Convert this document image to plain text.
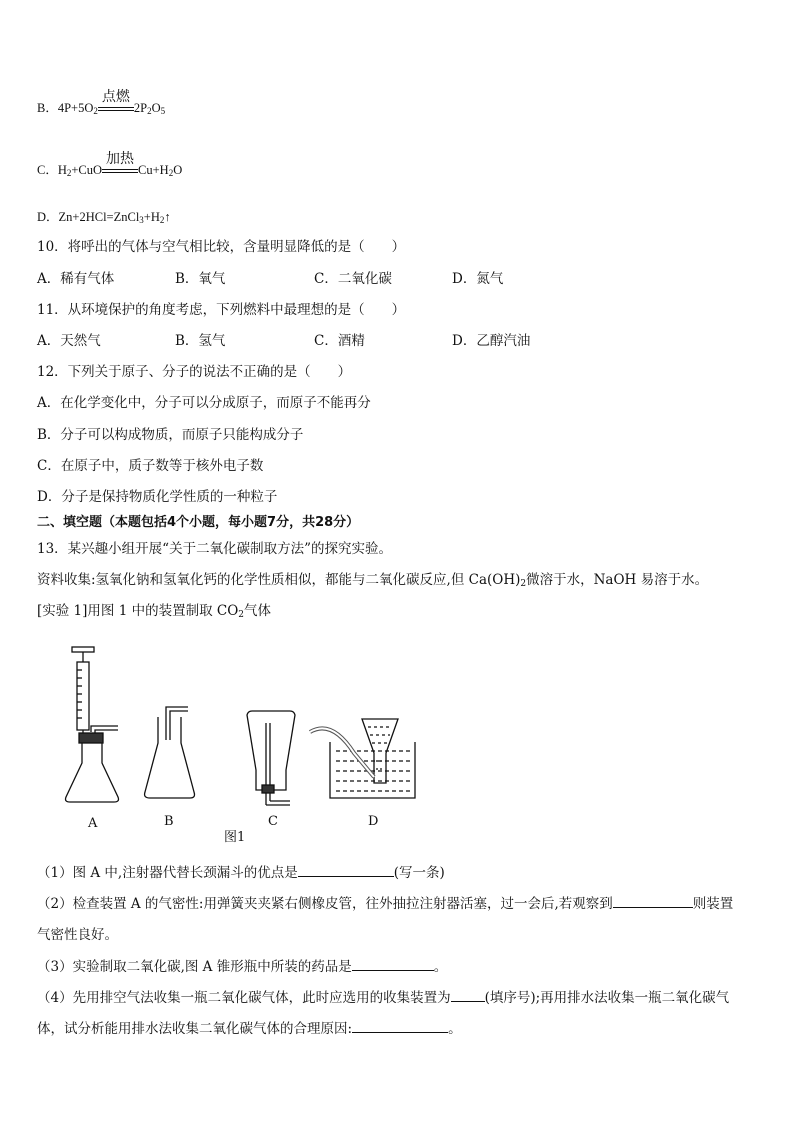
B．$4P+5O_2$
点燃
$2P_2O_5$
C．$H_2+CuO$
加热
$Cu+H_2O$
D．$Zn+2HCl=ZnCl_3+H_2↑$
10．将呼出的气体与空气相比较，含量明显降低的是（　　）
A．稀有气体	B．氧气	C．二氧化碳	D．氮气
11．从环境保护的角度考虑，下列燃料中最理想的是（　　）
A．天然气	B．氢气	C．酒精	D．乙醇汽油
12．下列关于原子、分子的说法不正确的是（　　）
A．在化学变化中，分子可以分成原子，而原子不能再分
B．分子可以构成物质，而原子只能构成分子
C．在原子中，质子数等于核外电子数
D．分子是保持物质化学性质的一种粒子
二、填空题（本题包括4个小题，每小题7分，共28分）
13．某兴趣小组开展“关于二氧化碳制取方法”的探究实验。
资料收集:氢氧化钠和氢氧化钙的化学性质相似，都能与二氧化碳反应,但 $Ca(OH)_2$微溶于水，NaOH 易溶于水。
[实验 1]用图 1 中的装置制取 $CO_2$气体
A	B	C	D
图1
（1）图 A 中,注射器代替长颈漏斗的优点是	(写一条)
（2）检查装置 A 的气密性:用弹簧夹夹紧右侧橡皮管，往外抽拉注射器活塞，过一会后,若观察到	则装置
气密性良好。
（3）实验制取二氧化碳,图 A 锥形瓶中所装的药品是	。
（4）先用排空气法收集一瓶二氧化碳气体，此时应选用的收集装置为	(填序号);再用排水法收集一瓶二氧化碳气
体，试分析能用排水法收集二氧化碳气体的合理原因:	。
